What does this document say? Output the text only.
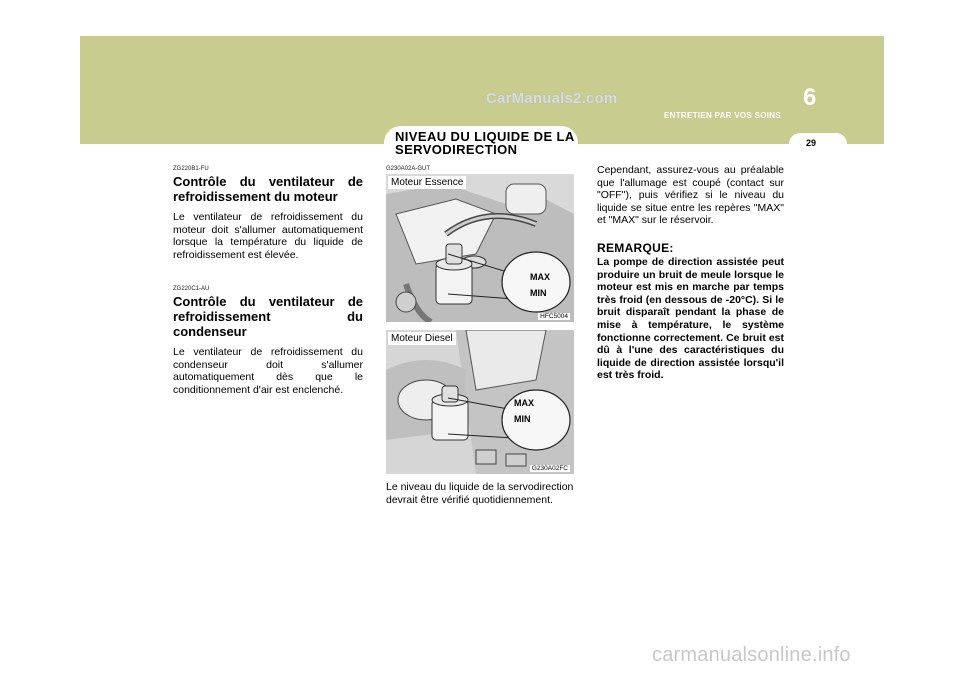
CarManuals2.com	6
ENTRETIEN PAR VOS SOINS
29
NIVEAU DU LIQUIDE DE LA SERVODIRECTION
ZG220B1-FU
Contrôle du ventilateur de refroidissement du moteur
Le ventilateur de refroidissement du moteur doit s'allumer automatiquement lorsque la température du liquide de refroidissement est élevée.
ZG220C1-AU
Contrôle du ventilateur de refroidissement du condenseur
Le ventilateur de refroidissement du condenseur doit s'allumer automatiquement dès que le conditionnement d'air est enclenché.
G230A02A-GUT
Moteur Essence
MAX
MIN
HFC5004
Moteur Diesel
MAX
MIN
G230A02FC
Le niveau du liquide de la servodirection devrait être vérifié quotidiennement.
Cependant, assurez-vous au préalable que l'allumage est coupé (contact sur "OFF"), puis vérifiez si le niveau du liquide se situe entre les repères "MAX" et "MAX" sur le réservoir.
REMARQUE:
La pompe de direction assistée peut produire un bruit de meule lorsque le moteur est mis en marche par temps très froid (en dessous de -20°C). Si le bruit disparaît pendant la phase de mise à température, le système fonctionne correctement. Ce bruit est dû à l'une des caractéristiques du liquide de direction assistée lorsqu'il est très froid.
carmanualsonline.info
